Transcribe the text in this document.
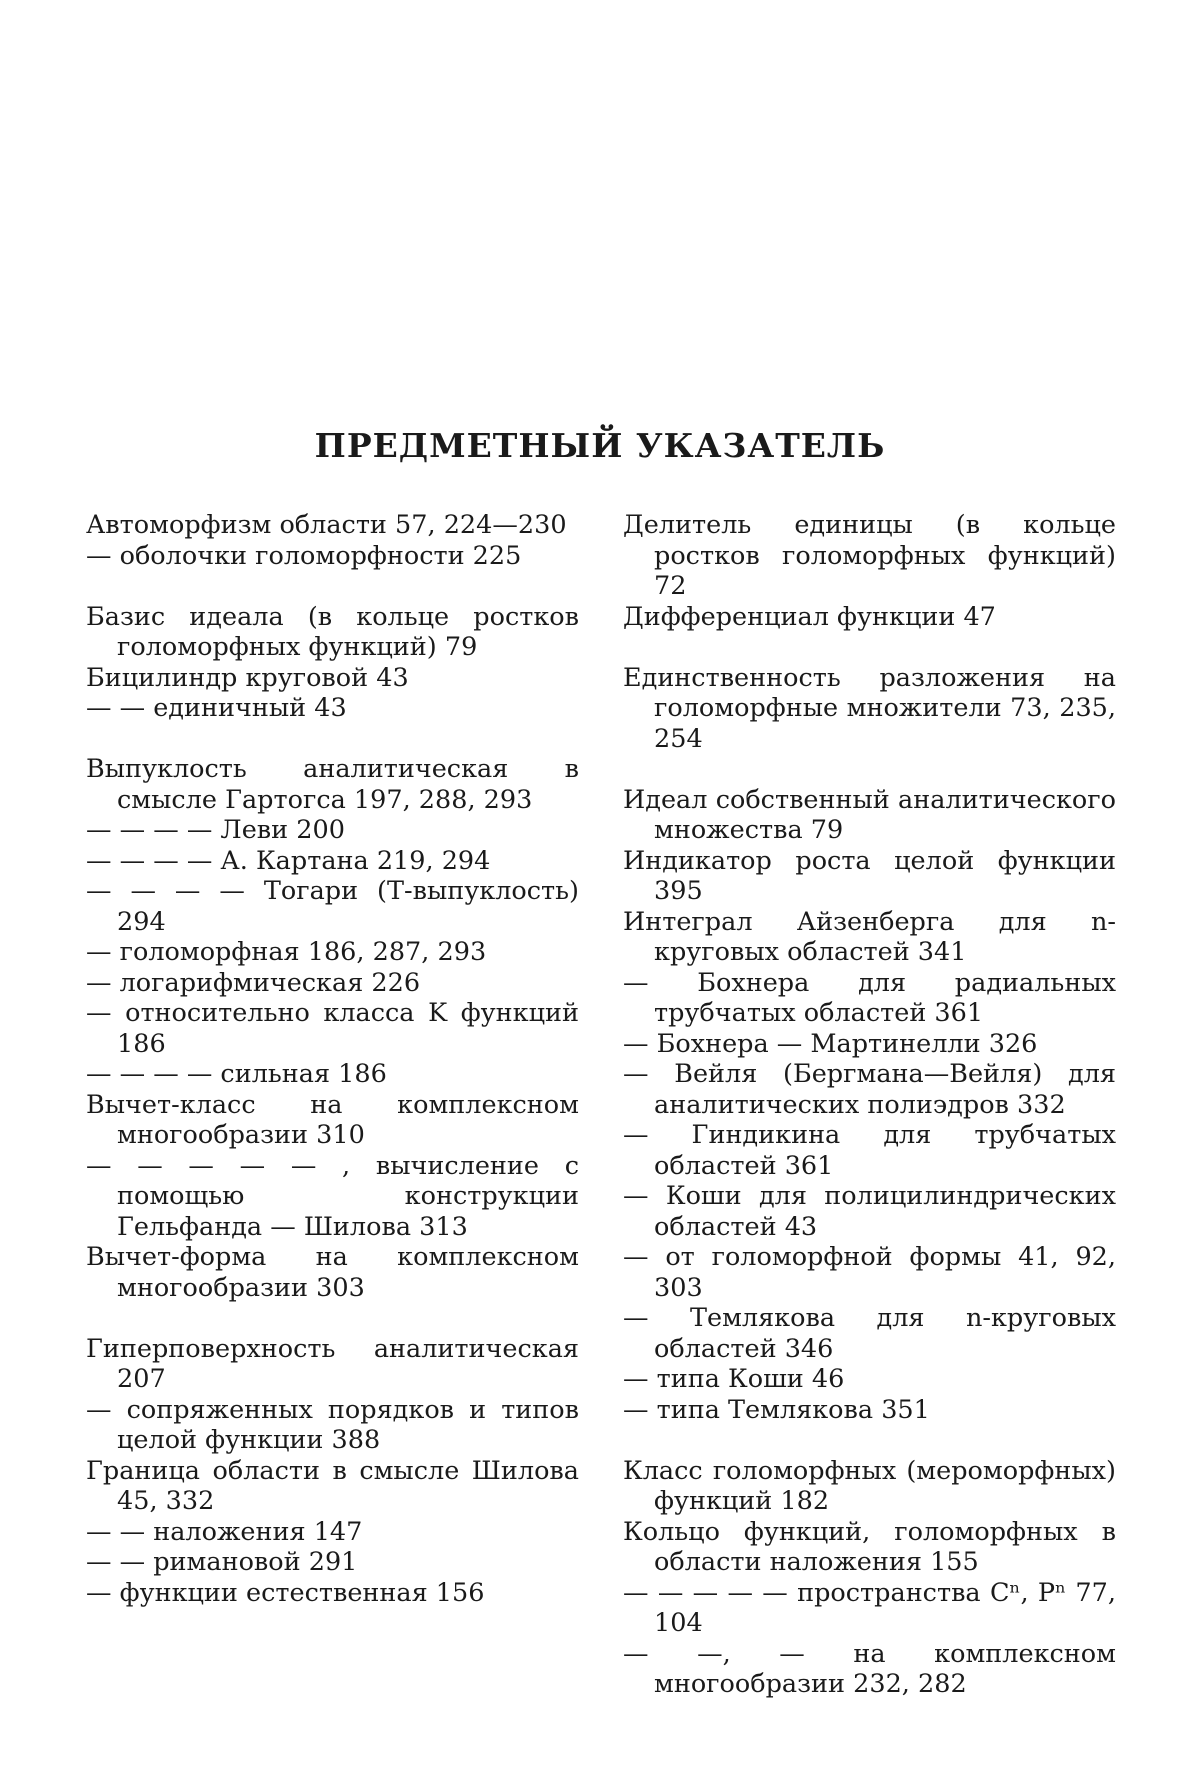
ПРЕДМЕТНЫЙ УКАЗАТЕЛЬ
Автоморфизм области 57, 224—230
— оболочки голоморфности 225
Базис идеала (в кольце ростков голоморфных функций) 79
Бицилиндр круговой 43
— — единичный 43
Выпуклость аналитическая в смысле Гартогса 197, 288, 293
— — — — Леви 200
— — — — А. Картана 219, 294
— — — — Тогари (Т-выпуклость) 294
— голоморфная 186, 287, 293
— логарифмическая 226
— относительно класса K функций 186
— — — — сильная 186
Вычет-класс на комплексном многообразии 310
— — — — — , вычисление с помощью конструкции Гельфанда — Шилова 313
Вычет-форма на комплексном многообразии 303
Гиперповерхность аналитическая 207
— сопряженных порядков и типов целой функции 388
Граница области в смысле Шилова 45, 332
— — наложения 147
— — римановой 291
— функции естественная 156
Делитель единицы (в кольце ростков голоморфных функций) 72
Дифференциал функции 47
Единственность разложения на голоморфные множители 73, 235, 254
Идеал собственный аналитического множества 79
Индикатор роста целой функции 395
Интеграл Айзенберга для n-круговых областей 341
— Бохнера для радиальных трубчатых областей 361
— Бохнера — Мартинелли 326
— Вейля (Бергмана—Вейля) для аналитических полиэдров 332
— Гиндикина для трубчатых областей 361
— Коши для полицилиндрических областей 43
— от голоморфной формы 41, 92, 303
— Темлякова для n-круговых областей 346
— типа Коши 46
— типа Темлякова 351
Класс голоморфных (мероморфных) функций 182
Кольцо функций, голоморфных в области наложения 155
— — — — — пространства Cⁿ, Pⁿ 77, 104
— —, — на комплексном многообразии 232, 282
